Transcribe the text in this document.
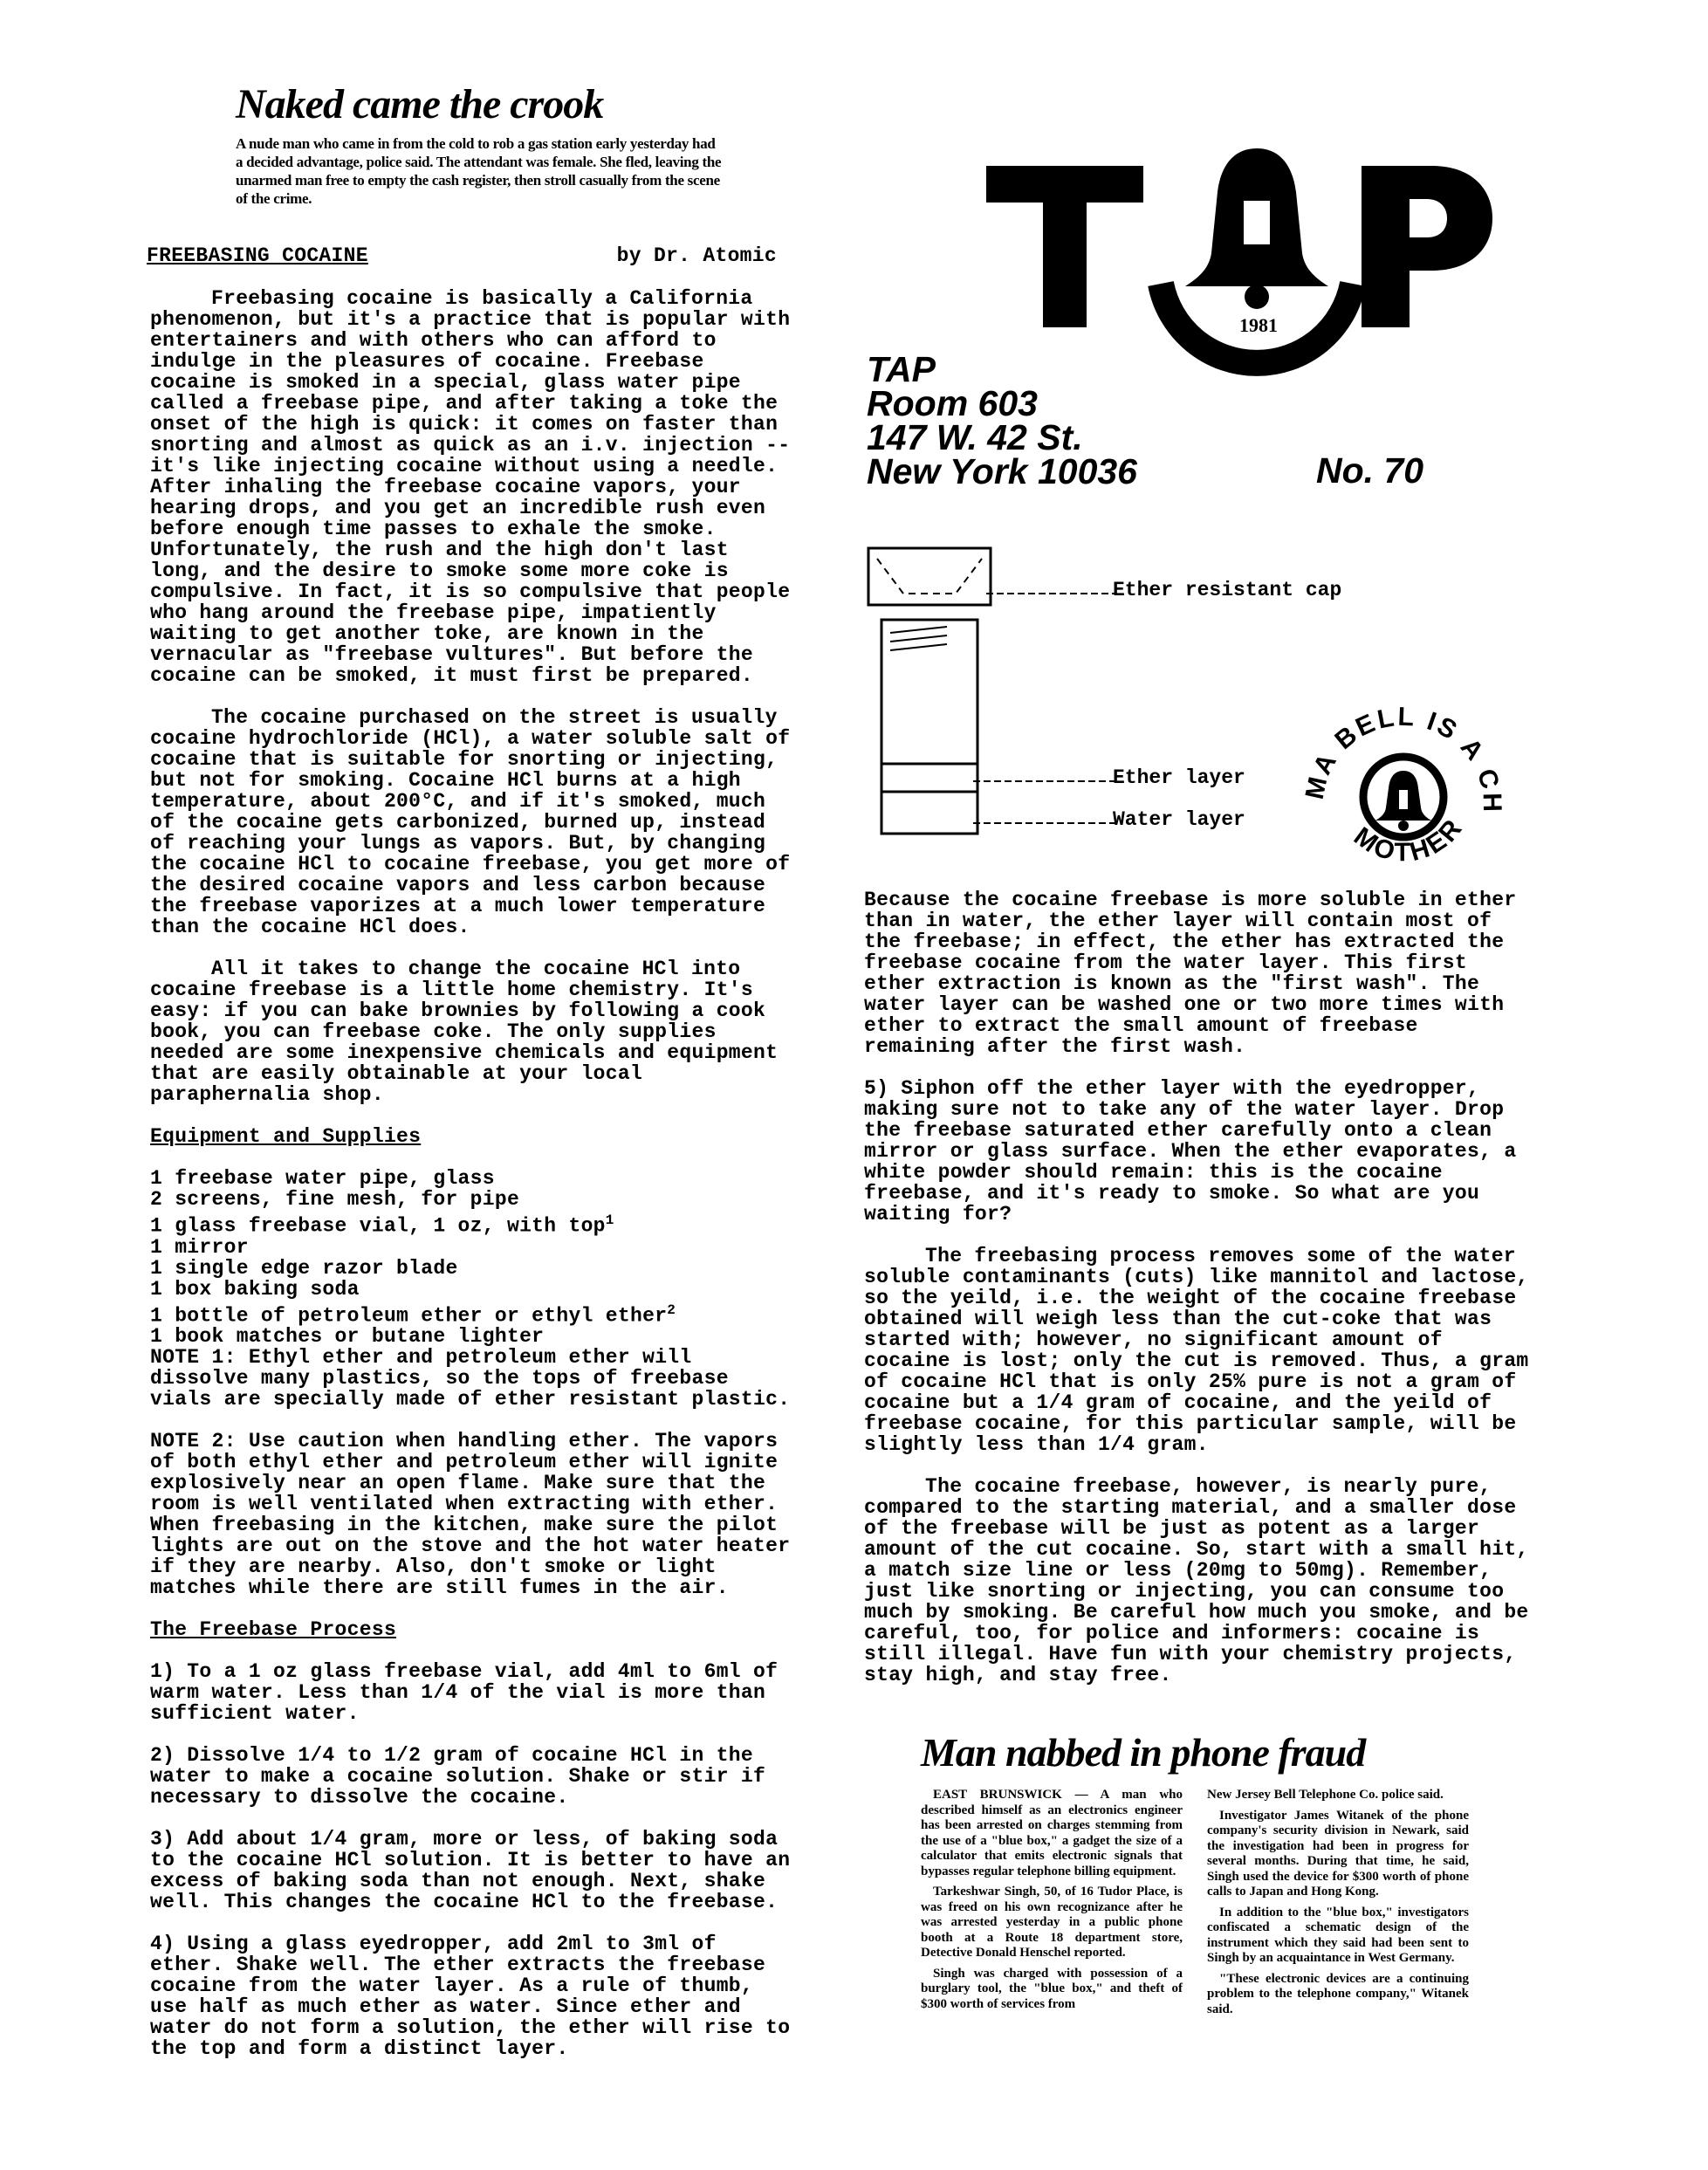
Naked came the crook
A nude man who came in from the cold to rob a gas station early yesterday had a decided advantage, police said. The attendant was female. She fled, leaving the unarmed man free to empty the cash register, then stroll casually from the scene of the crime.
FREEBASING COCAINE	by Dr. Atomic

Freebasing cocaine is basically a California phenomenon, but it's a practice that is popular with entertainers and with others who can afford to indulge in the pleasures of cocaine. Freebase cocaine is smoked in a special, glass water pipe called a freebase pipe, and after taking a toke the onset of the high is quick: it comes on faster than snorting and almost as quick as an i.v. injection -- it's like injecting cocaine without using a needle. After inhaling the freebase cocaine vapors, your hearing drops, and you get an incredible rush even before enough time passes to exhale the smoke. Unfortunately, the rush and the high don't last long, and the desire to smoke some more coke is compulsive. In fact, it is so compulsive that people who hang around the freebase pipe, impatiently waiting to get another toke, are known in the vernacular as "freebase vultures". But before the cocaine can be smoked, it must first be prepared.

The cocaine purchased on the street is usually cocaine hydrochloride (HCl), a water soluble salt of cocaine that is suitable for snorting or injecting, but not for smoking. Cocaine HCl burns at a high temperature, about 200°C, and if it's smoked, much of the cocaine gets carbonized, burned up, instead of reaching your lungs as vapors. But, by changing the cocaine HCl to cocaine freebase, you get more of the desired cocaine vapors and less carbon because the freebase vaporizes at a much lower temperature than the cocaine HCl does.

All it takes to change the cocaine HCl into cocaine freebase is a little home chemistry. It's easy: if you can bake brownies by following a cook book, you can freebase coke. The only supplies needed are some inexpensive chemicals and equipment that are easily obtainable at your local paraphernalia shop.

Equipment and Supplies
1 freebase water pipe, glass
2 screens, fine mesh, for pipe
1 glass freebase vial, 1 oz, with top$^1$
1 mirror
1 single edge razor blade
1 box baking soda
1 bottle of petroleum ether or ethyl ether$^2$
1 book matches or butane lighter

NOTE 1: Ethyl ether and petroleum ether will dissolve many plastics, so the tops of freebase vials are specially made of ether resistant plastic.

NOTE 2: Use caution when handling ether. The vapors of both ethyl ether and petroleum ether will ignite explosively near an open flame. Make sure that the room is well ventilated when extracting with ether. When freebasing in the kitchen, make sure the pilot lights are out on the stove and the hot water heater if they are nearby. Also, don't smoke or light matches while there are still fumes in the air.

The Freebase Process

1) To a 1 oz glass freebase vial, add 4ml to 6ml of warm water. Less than 1/4 of the vial is more than sufficient water.

2) Dissolve 1/4 to 1/2 gram of cocaine HCl in the water to make a cocaine solution. Shake or stir if necessary to dissolve the cocaine.

3) Add about 1/4 gram, more or less, of baking soda to the cocaine HCl solution. It is better to have an excess of baking soda than not enough. Next, shake well. This changes the cocaine HCl to the freebase.

4) Using a glass eyedropper, add 2ml to 3ml of ether. Shake well. The ether extracts the freebase cocaine from the water layer. As a rule of thumb, use half as much ether as water. Since ether and water do not form a solution, the ether will rise to the top and form a distinct layer.

1981
TAP
Room 603
147 W. 42 St.
New York 10036	No. 70
Ether resistant cap
Ether layer
Water layer
MA BELL IS A CH
MOTHER

Because the cocaine freebase is more soluble in ether than in water, the ether layer will contain most of the freebase; in effect, the ether has extracted the freebase cocaine from the water layer. This first ether extraction is known as the "first wash". The water layer can be washed one or two more times with ether to extract the small amount of freebase remaining after the first wash.

5) Siphon off the ether layer with the eyedropper, making sure not to take any of the water layer. Drop the freebase saturated ether carefully onto a clean mirror or glass surface. When the ether evaporates, a white powder should remain: this is the cocaine freebase, and it's ready to smoke. So what are you waiting for?

The freebasing process removes some of the water soluble contaminants (cuts) like mannitol and lactose, so the yeild, i.e. the weight of the cocaine freebase obtained will weigh less than the cut-coke that was started with; however, no significant amount of cocaine is lost; only the cut is removed. Thus, a gram of cocaine HCl that is only 25% pure is not a gram of cocaine but a 1/4 gram of cocaine, and the yeild of freebase cocaine, for this particular sample, will be slightly less than 1/4 gram.

The cocaine freebase, however, is nearly pure, compared to the starting material, and a smaller dose of the freebase will be just as potent as a larger amount of the cut cocaine. So, start with a small hit, a match size line or less (20mg to 50mg). Remember, just like snorting or injecting, you can consume too much by smoking. Be careful how much you smoke, and be careful, too, for police and informers: cocaine is still illegal. Have fun with your chemistry projects, stay high, and stay free.

Man nabbed in phone fraud

EAST BRUNSWICK — A man who described himself as an electronics engineer has been arrested on charges stemming from the use of a "blue box," a gadget the size of a calculator that emits electronic signals that bypasses regular telephone billing equipment.

Tarkeshwar Singh, 50, of 16 Tudor Place, is was freed on his own recognizance after he was arrested yesterday in a public phone booth at a Route 18 department store, Detective Donald Henschel reported.

Singh was charged with possession of a burglary tool, the "blue box," and theft of $300 worth of services from

New Jersey Bell Telephone Co. police said.

Investigator James Witanek of the phone company's security division in Newark, said the investigation had been in progress for several months. During that time, he said, Singh used the device for $300 worth of phone calls to Japan and Hong Kong.

In addition to the "blue box," investigators confiscated a schematic design of the instrument which they said had been sent to Singh by an acquaintance in West Germany.

"These electronic devices are a continuing problem to the telephone company," Witanek said.
